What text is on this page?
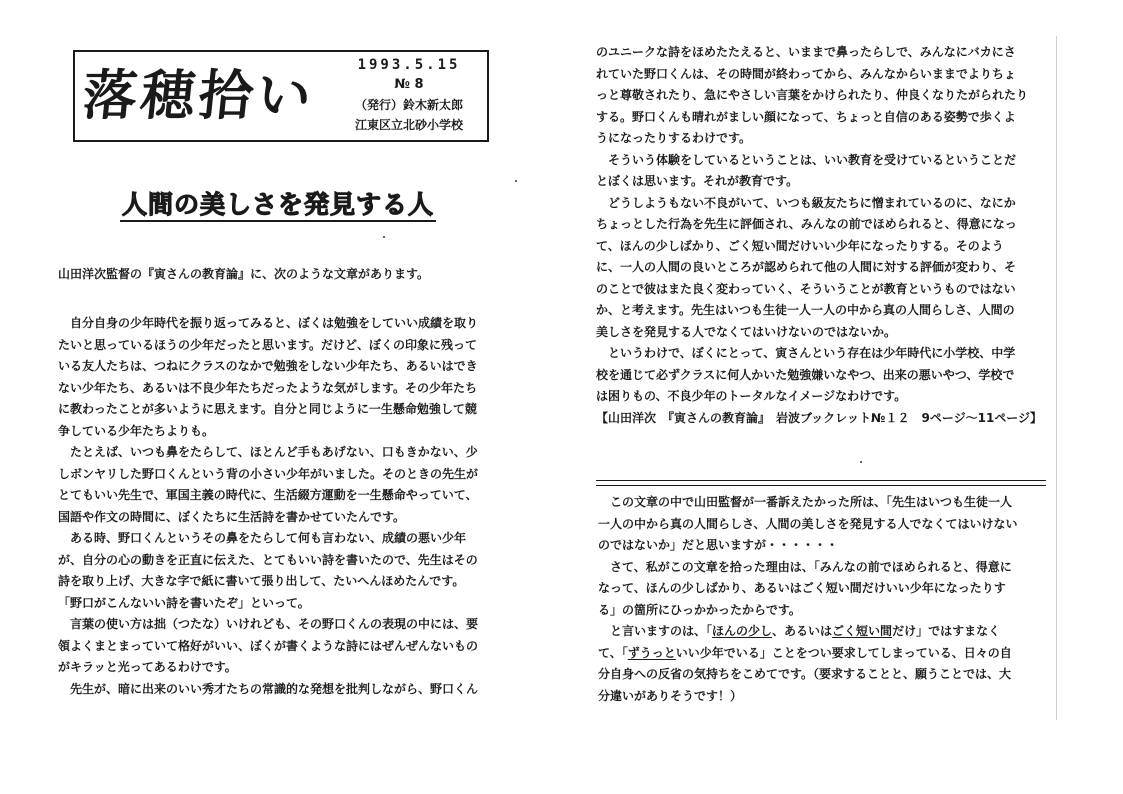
落穂拾い	1993.5.15
№ 8
（発行）鈴木新太郎
江東区立北砂小学校
人間の美しさを発見する人
山田洋次監督の『寅さんの教育論』に、次のような文章があります。
　自分自身の少年時代を振り返ってみると、ぼくは勉強をしていい成績を取り
たいと思っているほうの少年だったと思います。だけど、ぼくの印象に残って
いる友人たちは、つねにクラスのなかで勉強をしない少年たち、あるいはでき
ない少年たち、あるいは不良少年たちだったような気がします。その少年たち
に教わったことが多いように思えます。自分と同じように一生懸命勉強して競
争している少年たちよりも。
　たとえば、いつも鼻をたらして、ほとんど手もあげない、口もきかない、少
しボンヤリした野口くんという背の小さい少年がいました。そのときの先生が
とてもいい先生で、軍国主義の時代に、生活綴方運動を一生懸命やっていて、
国語や作文の時間に、ぼくたちに生活詩を書かせていたんです。
　ある時、野口くんというその鼻をたらして何も言わない、成績の悪い少年
が、自分の心の動きを正直に伝えた、とてもいい詩を書いたので、先生はその
詩を取り上げ、大きな字で紙に書いて張り出して、たいへんほめたんです。
「野口がこんないい詩を書いたぞ」といって。
　言葉の使い方は拙（つたな）いけれども、その野口くんの表現の中には、要
領よくまとまっていて格好がいい、ぼくが書くような詩にはぜんぜんないもの
がキラッと光ってあるわけです。
　先生が、暗に出来のいい秀才たちの常識的な発想を批判しながら、野口くん
のユニークな詩をほめたたえると、いままで鼻ったらしで、みんなにバカにさ
れていた野口くんは、その時間が終わってから、みんなからいままでよりちょ
っと尊敬されたり、急にやさしい言葉をかけられたり、仲良くなりたがられたり
する。野口くんも晴れがましい顔になって、ちょっと自信のある姿勢で歩くよ
うになったりするわけです。
　そういう体験をしているということは、いい教育を受けているということだ
とぼくは思います。それが教育です。
　どうしようもない不良がいて、いつも級友たちに憎まれているのに、なにか
ちょっとした行為を先生に評価され、みんなの前でほめられると、得意になっ
て、ほんの少しばかり、ごく短い間だけいい少年になったりする。そのよう
に、一人の人間の良いところが認められて他の人間に対する評価が変わり、そ
のことで彼はまた良く変わっていく、そういうことが教育というものではない
か、と考えます。先生はいつも生徒一人一人の中から真の人間らしさ、人間の
美しさを発見する人でなくてはいけないのではないか。
　というわけで、ぼくにとって、寅さんという存在は少年時代に小学校、中学
校を通じて必ずクラスに何人かいた勉強嫌いなやつ、出来の悪いやつ、学校で
は困りもの、不良少年のトータルなイメージなわけです。
【山田洋次　『寅さんの教育論』　岩波ブックレット№１２　9ページ～11ページ】
　この文章の中で山田監督が一番訴えたかった所は、「先生はいつも生徒一人
一人の中から真の人間らしさ、人間の美しさを発見する人でなくてはいけない
のではないか」だと思いますが・・・・・・
　さて、私がこの文章を拾った理由は、「みんなの前でほめられると、得意に
なって、ほんの少しばかり、あるいはごく短い間だけいい少年になったりす
る」の箇所にひっかかったからです。
　と言いますのは、「ほんの少し、あるいはごく短い間だけ」ではすまなく
て、「ずうっといい少年でいる」ことをつい要求してしまっている、日々の自
分自身への反省の気持ちをこめてです。（要求することと、願うことでは、大
分違いがありそうです！）
